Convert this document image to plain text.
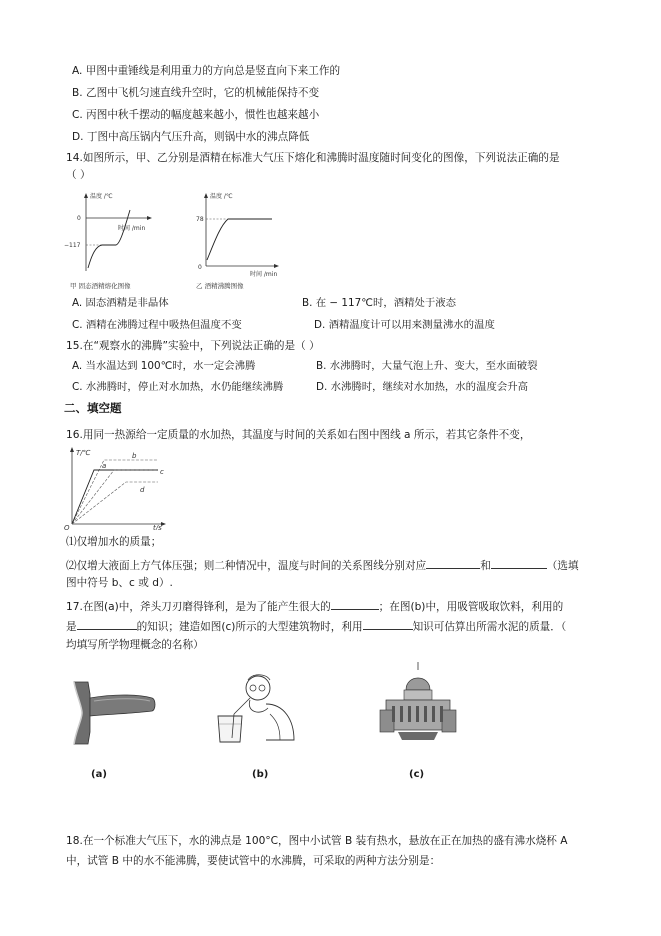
A. 甲图中重锤线是利用重力的方向总是竖直向下来工作的
B. 乙图中飞机匀速直线升空时，它的机械能保持不变
C. 丙图中秋千摆动的幅度越来越小，惯性也越来越小
D. 丁图中高压锅内气压升高，则锅中水的沸点降低
14.如图所示，甲、乙分别是酒精在标准大气压下熔化和沸腾时温度随时间变化的图像，下列说法正确的是
（ ）
温度 /℃
时间 /min
0
−117
甲 固态酒精熔化图像
温度 /℃
时间 /min
0
78
乙 酒精沸腾图像
A. 固态酒精是非晶体	B. 在 − 117℃时，酒精处于液态
C. 酒精在沸腾过程中吸热但温度不变	D. 酒精温度计可以用来测量沸水的温度
15.在“观察水的沸腾”实验中，下列说法正确的是（ ）
A. 当水温达到 100℃时，水一定会沸腾	B. 水沸腾时，大量气泡上升、变大，至水面破裂
C. 水沸腾时，停止对水加热，水仍能继续沸腾	D. 水沸腾时，继续对水加热，水的温度会升高
二、填空题
16.用同一热源给一定质量的水加热，其温度与时间的关系如右图中图线 a 所示，若其它条件不变，
T/℃
t/s
O
b
a
c
d
⑴仅增加水的质量；
⑵仅增大液面上方气体压强；则二种情况中，温度与时间的关系图线分别对应	和	（选填
图中符号 b、c 或 d）.
17.在图(a)中，斧头刀刃磨得锋利，是为了能产生很大的	；在图(b)中，用吸管吸取饮料，利用的
是	的知识；建造如图(c)所示的大型建筑物时，利用	知识可估算出所需水泥的质量．（
均填写所学物理概念的名称）
(a)	(b)	(c)
18.在一个标准大气压下，水的沸点是 100°C，图中小试管 B 装有热水，悬放在正在加热的盛有沸水烧杯 A
中，试管 B 中的水不能沸腾，要使试管中的水沸腾，可采取的两种方法分别是：
